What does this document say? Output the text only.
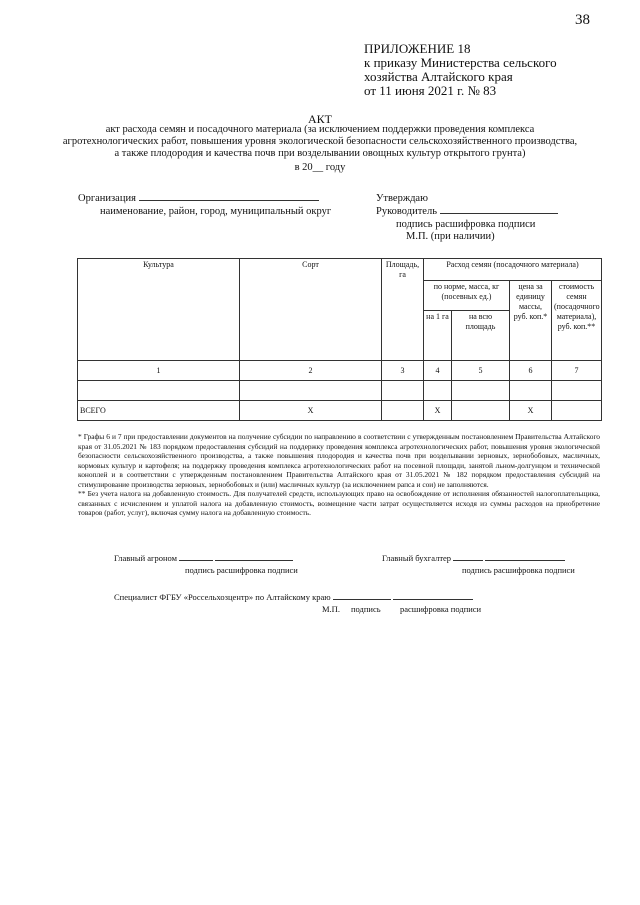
38
ПРИЛОЖЕНИЕ 18
к приказу Министерства сельского
хозяйства Алтайского края
от 11 июня 2021 г. № 83
АКТ
акт расхода семян и посадочного материала (за исключением поддержки проведения комплекса агротехнологических работ, повышения уровня экологической безопасности сельскохозяйственного производства, а также плодородия и качества почв при возделывании овощных культур открытого грунта)
в 20__ году
Организация
наименование, район, город, муниципальный округ
Утверждаю
Руководитель
подпись расшифровка подписи
М.П. (при наличии)
Культура	Сорт	Площадь, га	Расход семян (посадочного материала)			
			по норме, масса, кг (посевных ед.)		цена за единицу массы, руб. коп.*	стоимость семян (посадочного материала), руб. коп.**
			на 1 га	на всю площадь		
1	2	3	4	5	6	7

ВСЕГО	Х		Х		Х	
* Графы 6 и 7 при предоставлении документов на получение субсидии по направлению в соответствии с утвержденным постановлением Правительства Алтайского края от 31.05.2021 № 183 порядком предоставления субсидий на поддержку проведения комплекса агротехнологических работ, повышения уровня экологической безопасности сельскохозяйственного производства, а также повышения плодородия и качества почв при возделывании зерновых, зернобобовых, масличных, кормовых культур и картофеля; на поддержку проведения комплекса агротехнологических работ на посевной площади, занятой льном-долгунцом и технической коноплей и в соответствии с утвержденным постановлением Правительства Алтайского края от 31.05.2021 № 182 порядком предоставления субсидий на стимулирование производства зерновых, зернобобовых и (или) масличных культур (за исключением рапса и сои) не заполняются.
** Без учета налога на добавленную стоимость. Для получателей средств, использующих право на освобождение от исполнения обязанностей налогоплательщика, связанных с исчислением и уплатой налога на добавленную стоимость, возмещение части затрат осуществляется исходя из суммы расходов на приобретение товаров (работ, услуг), включая сумму налога на добавленную стоимость.
Главный агроном
подпись расшифровка подписи
Главный бухгалтер
подпись расшифровка подписи
Специалист ФГБУ «Россельхозцентр» по Алтайскому краю
М.П. подпись расшифровка подписи
